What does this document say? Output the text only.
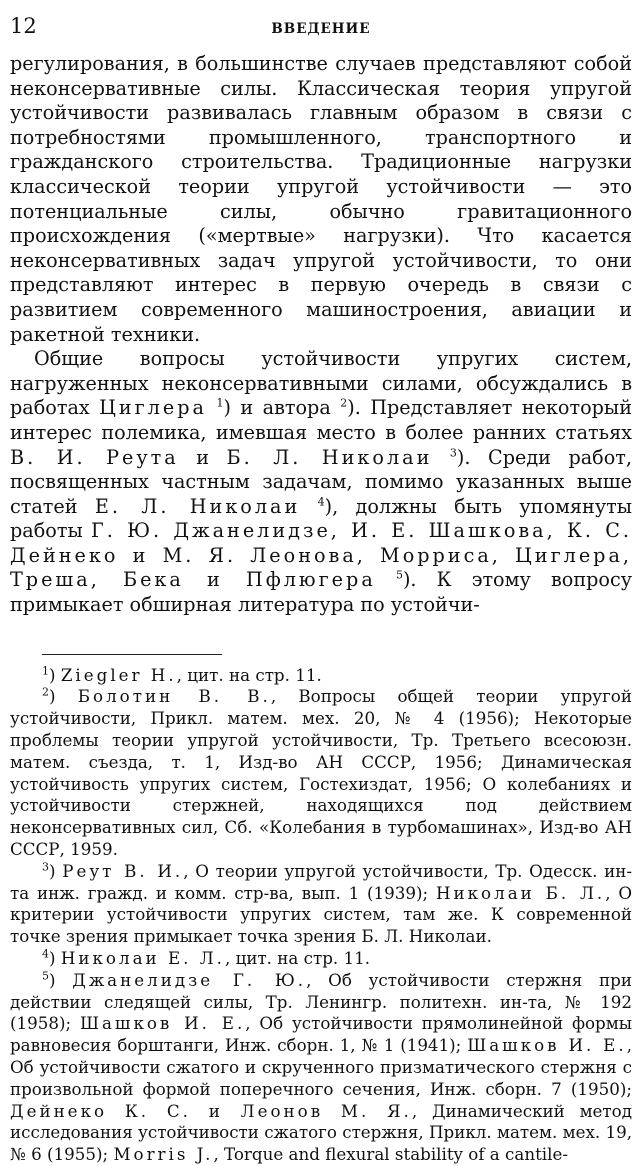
12	ВВЕДЕНИЕ

регулирования, в большинстве случаев представляют собой неконсервативные силы. Классическая теория упругой устойчивости развивалась главным образом в связи с потребностями промышленного, транспортного и гражданского строительства. Традиционные нагрузки классической теории упругой устойчивости — это потенциальные силы, обычно гравитационного происхождения («мертвые» нагрузки). Что касается неконсервативных задач упругой устойчивости, то они представляют интерес в первую очередь в связи с развитием современного машиностроения, авиации и ракетной техники.

Общие вопросы устойчивости упругих систем, нагруженных неконсервативными силами, обсуждались в работах Циглера $^1$) и автора $^2$). Представляет некоторый интерес полемика, имевшая место в более ранних статьях В. И. Реута и Б. Л. Николаи $^3$). Среди работ, посвященных частным задачам, помимо указанных выше статей Е. Л. Николаи $^4$), должны быть упомянуты работы Г. Ю. Джанелидзе, И. Е. Шашкова, К. С. Дейнеко и М. Я. Леонова, Морриса, Циглера, Треша, Бека и Пфлюгера $^5$). К этому вопросу примыкает обширная литература по устойчи-

$^1$) Ziegler H., цит. на стр. 11.

$^2$) Болотин В. В., Вопросы общей теории упругой устойчивости, Прикл. матем. мех. 20, № 4 (1956); Некоторые проблемы теории упругой устойчивости, Тр. Третьего всесоюзн. матем. съезда, т. 1, Изд-во АН СССР, 1956; Динамическая устойчивость упругих систем, Гостехиздат, 1956; О колебаниях и устойчивости стержней, находящихся под действием неконсервативных сил, Сб. «Колебания в турбомашинах», Изд-во АН СССР, 1959.

$^3$) Реут В. И., О теории упругой устойчивости, Тр. Одесск. ин-та инж. гражд. и комм. стр-ва, вып. 1 (1939); Николаи Б. Л., О критерии устойчивости упругих систем, там же. К современной точке зрения примыкает точка зрения Б. Л. Николаи.

$^4$) Николаи Е. Л., цит. на стр. 11.

$^5$) Джанелидзе Г. Ю., Об устойчивости стержня при действии следящей силы, Тр. Ленингр. политехн. ин-та, № 192 (1958); Шашков И. Е., Об устойчивости прямолинейной формы равновесия борштанги, Инж. сборн. 1, № 1 (1941); Шашков И. Е., Об устойчивости сжатого и скрученного призматического стержня с произвольной формой поперечного сечения, Инж. сборн. 7 (1950); Дейнеко К. С. и Леонов М. Я., Динамический метод исследования устойчивости сжатого стержня, Прикл. матем. мех. 19, № 6 (1955); Morris J., Torque and flexural stability of a cantile-
